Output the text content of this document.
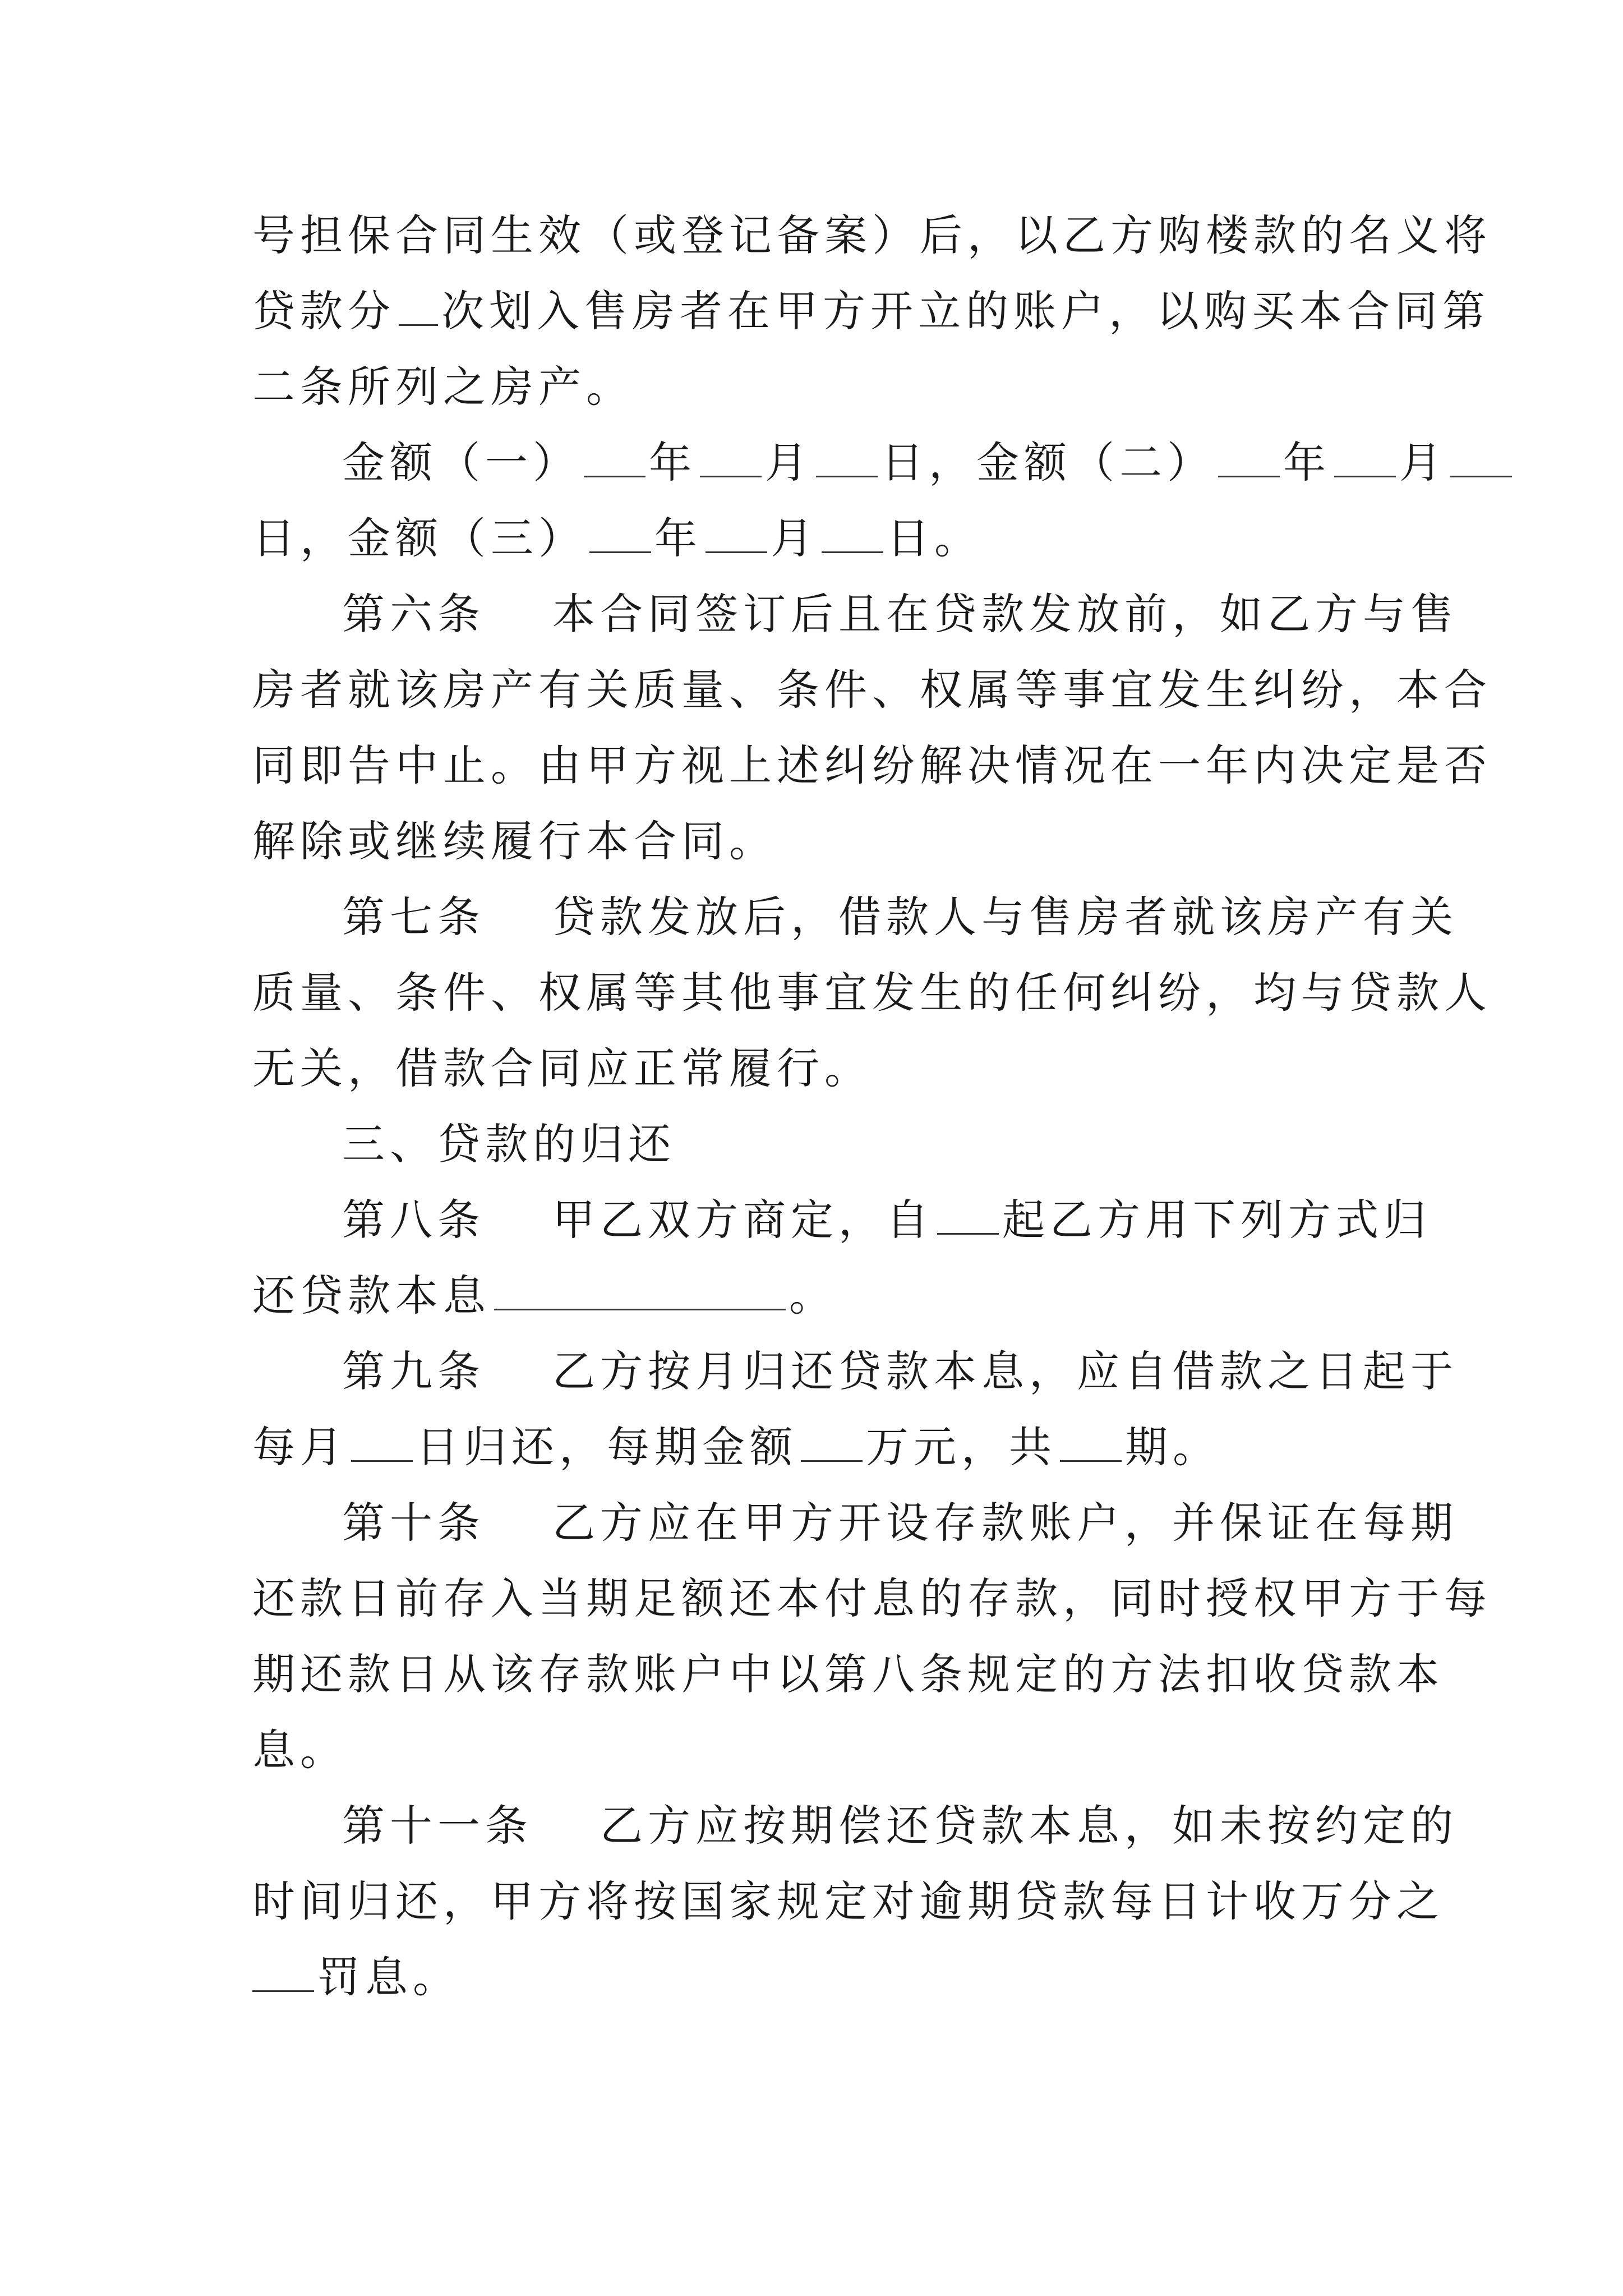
号担保合同生效（或登记备案）后，以乙方购楼款的名义将
贷款分 次划入售房者在甲方开立的账户，以购买本合同第
二条所列之房产。
金额（一） 年 月 日，金额（二） 年 月
日，金额（三） 年 月 日。
第六条 本合同签订后且在贷款发放前，如乙方与售
房者就该房产有关质量、条件、权属等事宜发生纠纷，本合
同即告中止。由甲方视上述纠纷解决情况在一年内决定是否
解除或继续履行本合同。
第七条 贷款发放后，借款人与售房者就该房产有关
质量、条件、权属等其他事宜发生的任何纠纷，均与贷款人
无关，借款合同应正常履行。
三、贷款的归还
第八条 甲乙双方商定，自 起乙方用下列方式归
还贷款本息	。
第九条 乙方按月归还贷款本息，应自借款之日起于
每月 日归还，每期金额 万元，共 期。
第十条 乙方应在甲方开设存款账户，并保证在每期
还款日前存入当期足额还本付息的存款，同时授权甲方于每
期还款日从该存款账户中以第八条规定的方法扣收贷款本
息。
第十一条 乙方应按期偿还贷款本息，如未按约定的
时间归还，甲方将按国家规定对逾期贷款每日计收万分之
罚息。
